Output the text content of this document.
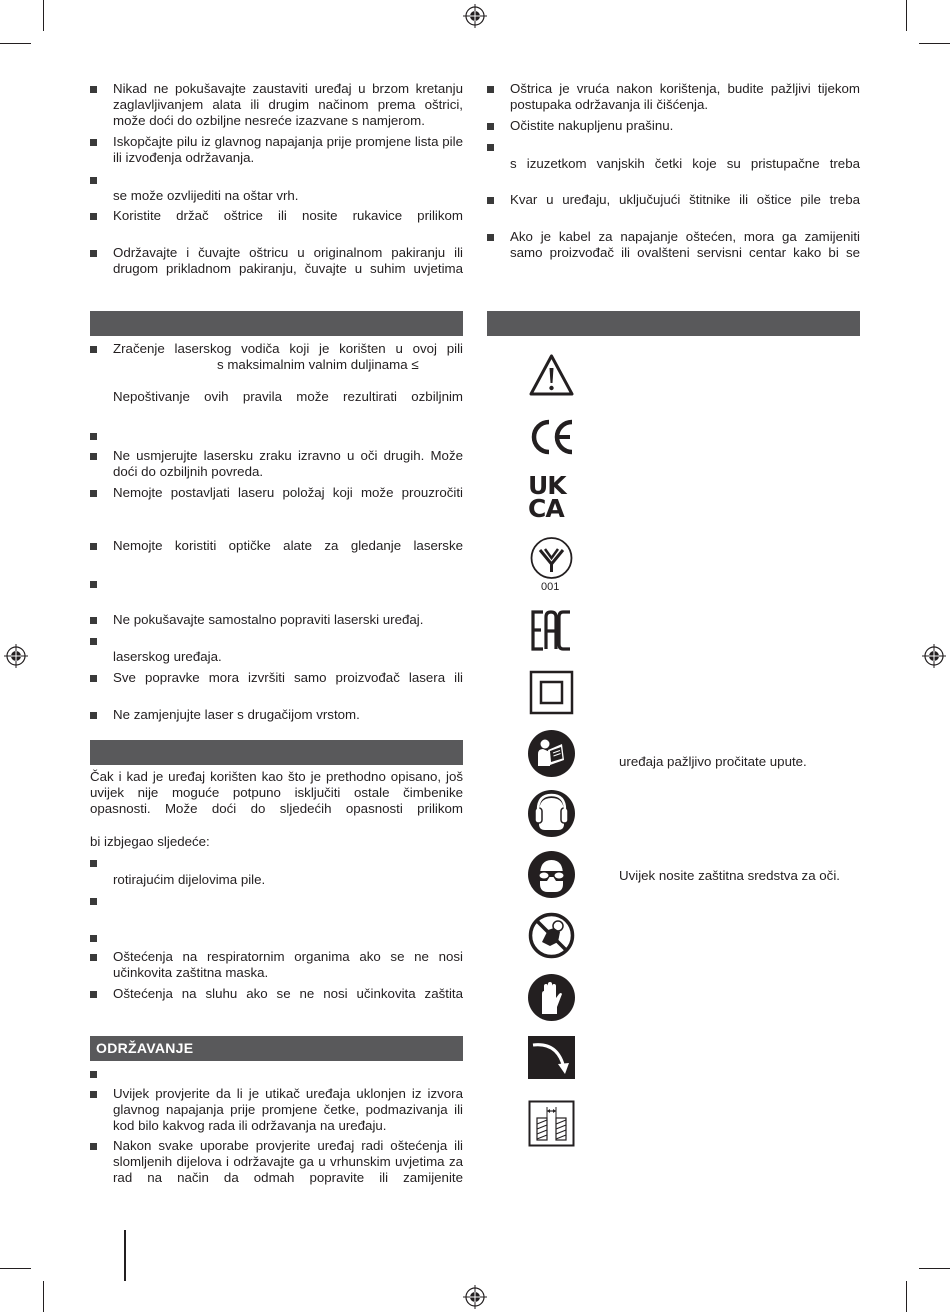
Nikad ne pokušavajte zaustaviti uređaj u brzom kretanju zaglavljivanjem alata ili drugim načinom prema oštrici, može doći do ozbiljne nesreće izazvane s namjerom.
Iskopčajte pilu iz glavnog napajanja prije promjene lista pile ili izvođenja održavanja.
se može ozvlijediti na oštar vrh.
Koristite držač oštrice ili nosite rukavice prilikom
Održavajte i čuvajte oštricu u originalnom pakiranju ili drugom prikladnom pakiranju, čuvajte u suhim uvjetima
Zračenje laserskog vodiča koji je korišten u ovoj pili
s maksimalnim valnim duljinama ≤
Nepoštivanje ovih pravila može rezultirati ozbiljnim
Ne usmjerujte lasersku zraku izravno u oči drugih. Može doći do ozbiljnih povreda.
Nemojte postavljati laseru položaj koji može prouzročiti
Nemojte koristiti optičke alate za gledanje laserske
Ne pokušavajte samostalno popraviti laserski uređaj.
laserskog uređaja.
Sve popravke mora izvršiti samo proizvođač lasera ili
Ne zamjenjujte laser s drugačijom vrstom.
Čak i kad je uređaj korišten kao što je prethodno opisano, još uvijek nije moguće potpuno isključiti ostale čimbenike opasnosti. Može doći do sljedećih opasnosti prilikom
bi izbjegao sljedeće:
rotirajućim dijelovima pile.
Oštećenja na respiratornim organima ako se ne nosi učinkovita zaštitna maska.
Oštećenja na sluhu ako se ne nosi učinkovita zaštita
ODRŽAVANJE
Uvijek provjerite da li je utikač uređaja uklonjen iz izvora glavnog napajanja prije promjene četke, podmazivanja ili kod bilo kakvog rada ili održavanja na uređaju.
Nakon svake uporabe provjerite uređaj radi oštećenja ili slomljenih dijelova i održavajte ga u vrhunskim uvjetima za rad na način da odmah popravite ili zamijenite
Oštrica je vruća nakon korištenja, budite pažljivi tijekom postupaka održavanja ili čišćenja.
Očistite nakupljenu prašinu.
s izuzetkom vanjskih četki koje su pristupačne treba
Kvar u uređaju, uključujući štitnike ili oštice pile treba
Ako je kabel za napajanje oštećen, mora ga zamijeniti samo proizvođač ili ovalšteni servisni centar kako bi se
UK
CA
001
uređaja pažljivo pročitate upute.
Uvijek nosite zaštitna sredstva za oči.
